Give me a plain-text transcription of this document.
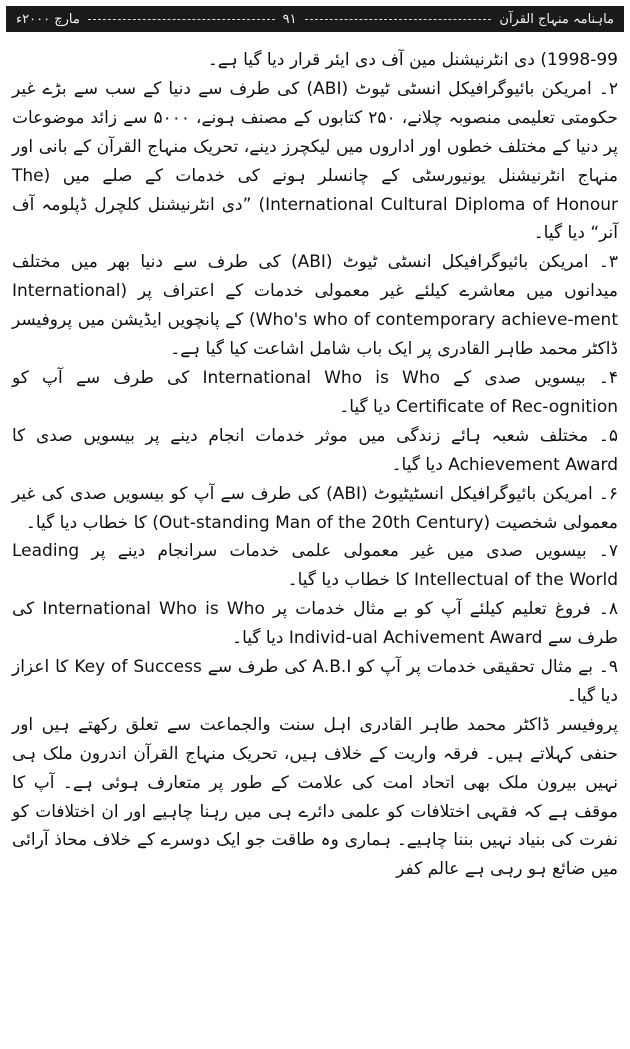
ماہنامہ منہاج القرآن
۹۱
مارچ ۲۰۰۰ء

1998-99) دی انٹرنیشنل مین آف دی ایئر قرار دیا گیا ہے۔

۲۔ امریکن بائیوگرافیکل انسٹی ٹیوٹ (ABI) کی طرف سے دنیا کے سب سے بڑے غیر حکومتی تعلیمی منصوبہ چلانے، ۲۵۰ کتابوں کے مصنف ہونے، ۵۰۰۰ سے زائد موضوعات پر دنیا کے مختلف خطوں اور اداروں میں لیکچرز دینے، تحریک منہاج القرآن کے بانی اور منہاج انٹرنیشنل یونیورسٹی کے چانسلر ہونے کی خدمات کے صلے میں (The International Cultural Diploma of Honour) ”دی انٹرنیشنل کلچرل ڈپلومہ آف آنر“ دیا گیا۔

۳۔ امریکن بائیوگرافیکل انسٹی ٹیوٹ (ABI) کی طرف سے دنیا بھر میں مختلف میدانوں میں معاشرے کیلئے غیر معمولی خدمات کے اعتراف پر (International Who's who of contemporary achieve-ment) کے پانچویں ایڈیشن میں پروفیسر ڈاکٹر محمد طاہر القادری پر ایک باب شامل اشاعت کیا گیا ہے۔

۴۔ بیسویں صدی کے International Who is Who کی طرف سے آپ کو Certificate of Rec-ognition دیا گیا۔

۵۔ مختلف شعبہ ہائے زندگی میں موثر خدمات انجام دینے پر بیسویں صدی کا Achievement Award دیا گیا۔

۶۔ امریکن بائیوگرافیکل انسٹیٹیوٹ (ABI) کی طرف سے آپ کو بیسویں صدی کی غیر معمولی شخصیت (Out-standing Man of the 20th Century) کا خطاب دیا گیا۔

۷۔ بیسویں صدی میں غیر معمولی علمی خدمات سرانجام دینے پر Leading Intellectual of the World کا خطاب دیا گیا۔

۸۔ فروغ تعلیم کیلئے آپ کو بے مثال خدمات پر International Who is Who کی طرف سے Individ-ual Achivement Award دیا گیا۔

۹۔ بے مثال تحقیقی خدمات پر آپ کو A.B.I کی طرف سے Key of Success کا اعزاز دیا گیا۔

پروفیسر ڈاکٹر محمد طاہر القادری اہل سنت والجماعت سے تعلق رکھتے ہیں اور حنفی کہلاتے ہیں۔ فرقہ واریت کے خلاف ہیں، تحریک منہاج القرآن اندرون ملک ہی نہیں بیرون ملک بھی اتحاد امت کی علامت کے طور پر متعارف ہوئی ہے۔ آپ کا موقف ہے کہ فقہی اختلافات کو علمی دائرے ہی میں رہنا چاہیے اور ان اختلافات کو نفرت کی بنیاد نہیں بننا چاہیے۔ ہماری وہ طاقت جو ایک دوسرے کے خلاف محاذ آرائی میں ضائع ہو رہی ہے عالم کفر
